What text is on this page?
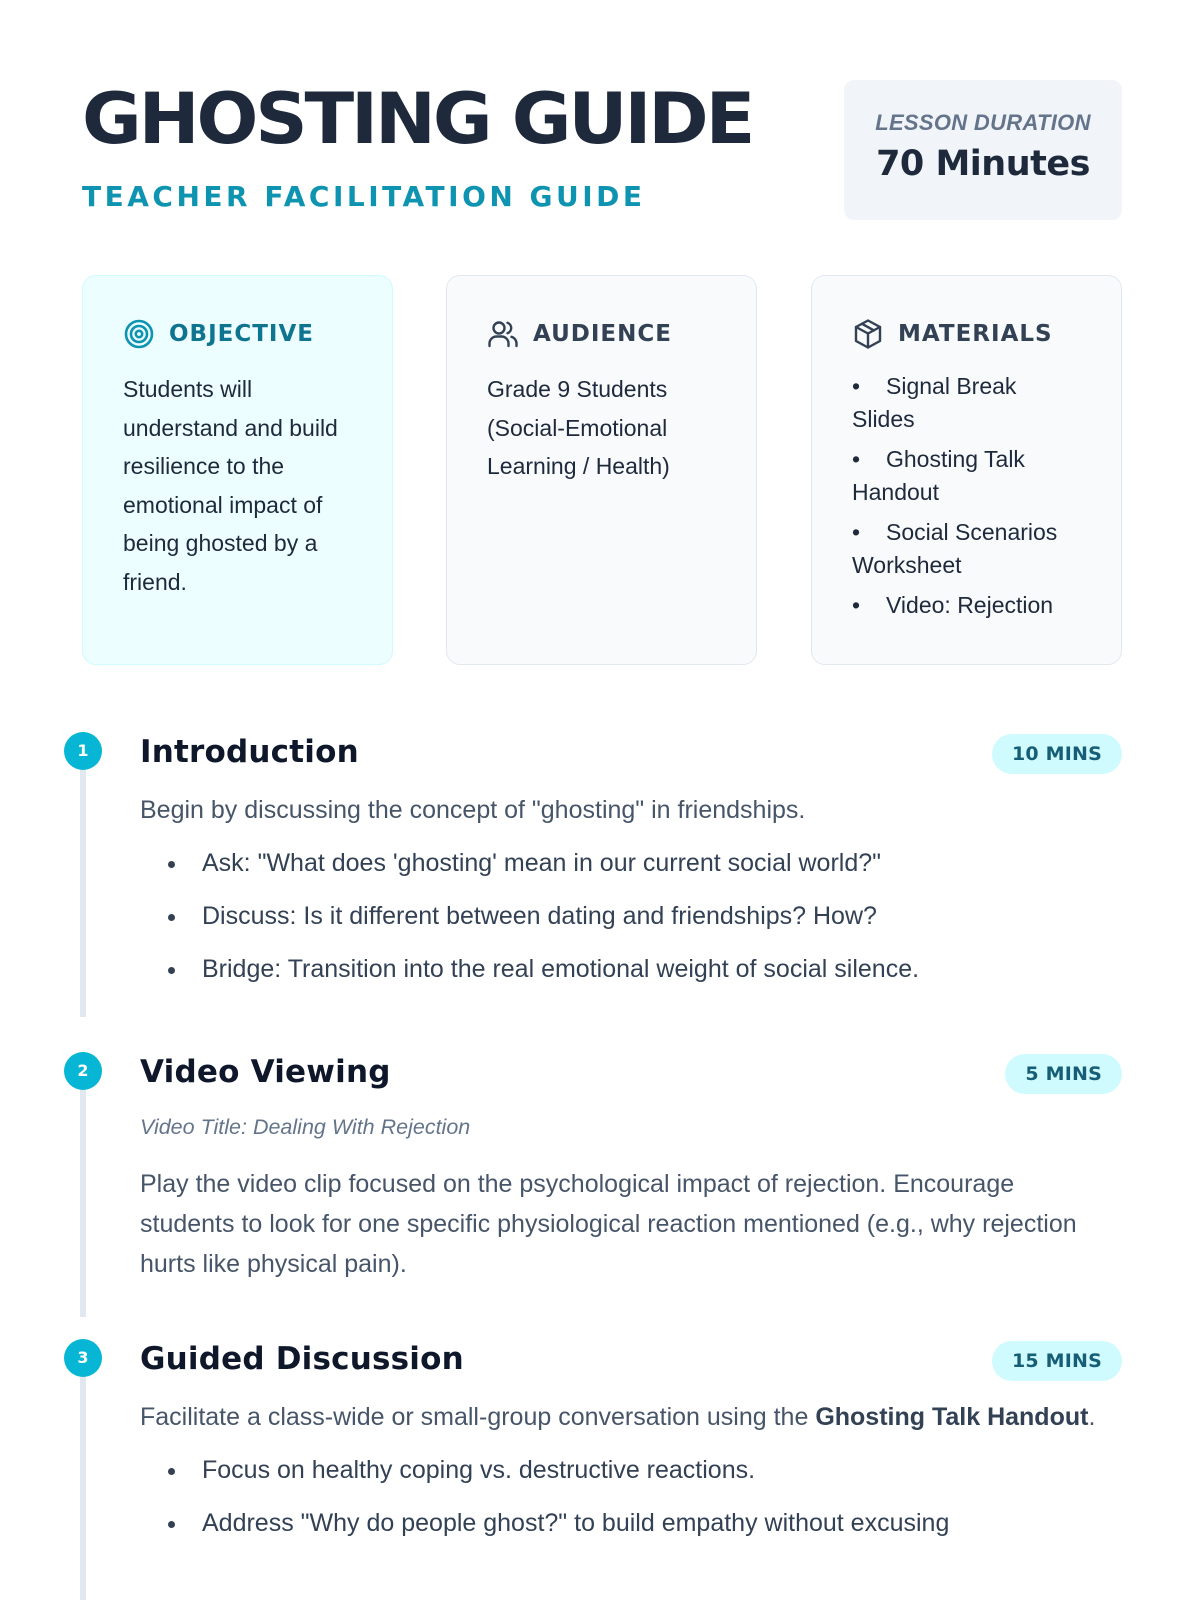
GHOSTING GUIDE
TEACHER FACILITATION GUIDE
LESSON DURATION
70 Minutes
OBJECTIVE

Students will understand and build resilience to the emotional impact of being ghosted by a friend.

AUDIENCE

Grade 9 Students (Social-Emotional Learning / Health)

MATERIALS
• Signal Break Slides
• Ghosting Talk Handout
• Social Scenarios Worksheet
• Video: Rejection
1	Introduction	10 MINS

Begin by discussing the concept of "ghosting" in friendships.

Ask: "What does 'ghosting' mean in our current social world?"
Discuss: Is it different between dating and friendships? How?
Bridge: Transition into the real emotional weight of social silence.
2	Video Viewing	5 MINS

Video Title: Dealing With Rejection

Play the video clip focused on the psychological impact of rejection. Encourage students to look for one specific physiological reaction mentioned (e.g., why rejection hurts like physical pain).

3	Guided Discussion	15 MINS

Facilitate a class-wide or small-group conversation using the Ghosting Talk Handout.

Focus on healthy coping vs. destructive reactions.
Address "Why do people ghost?" to build empathy without excusing
